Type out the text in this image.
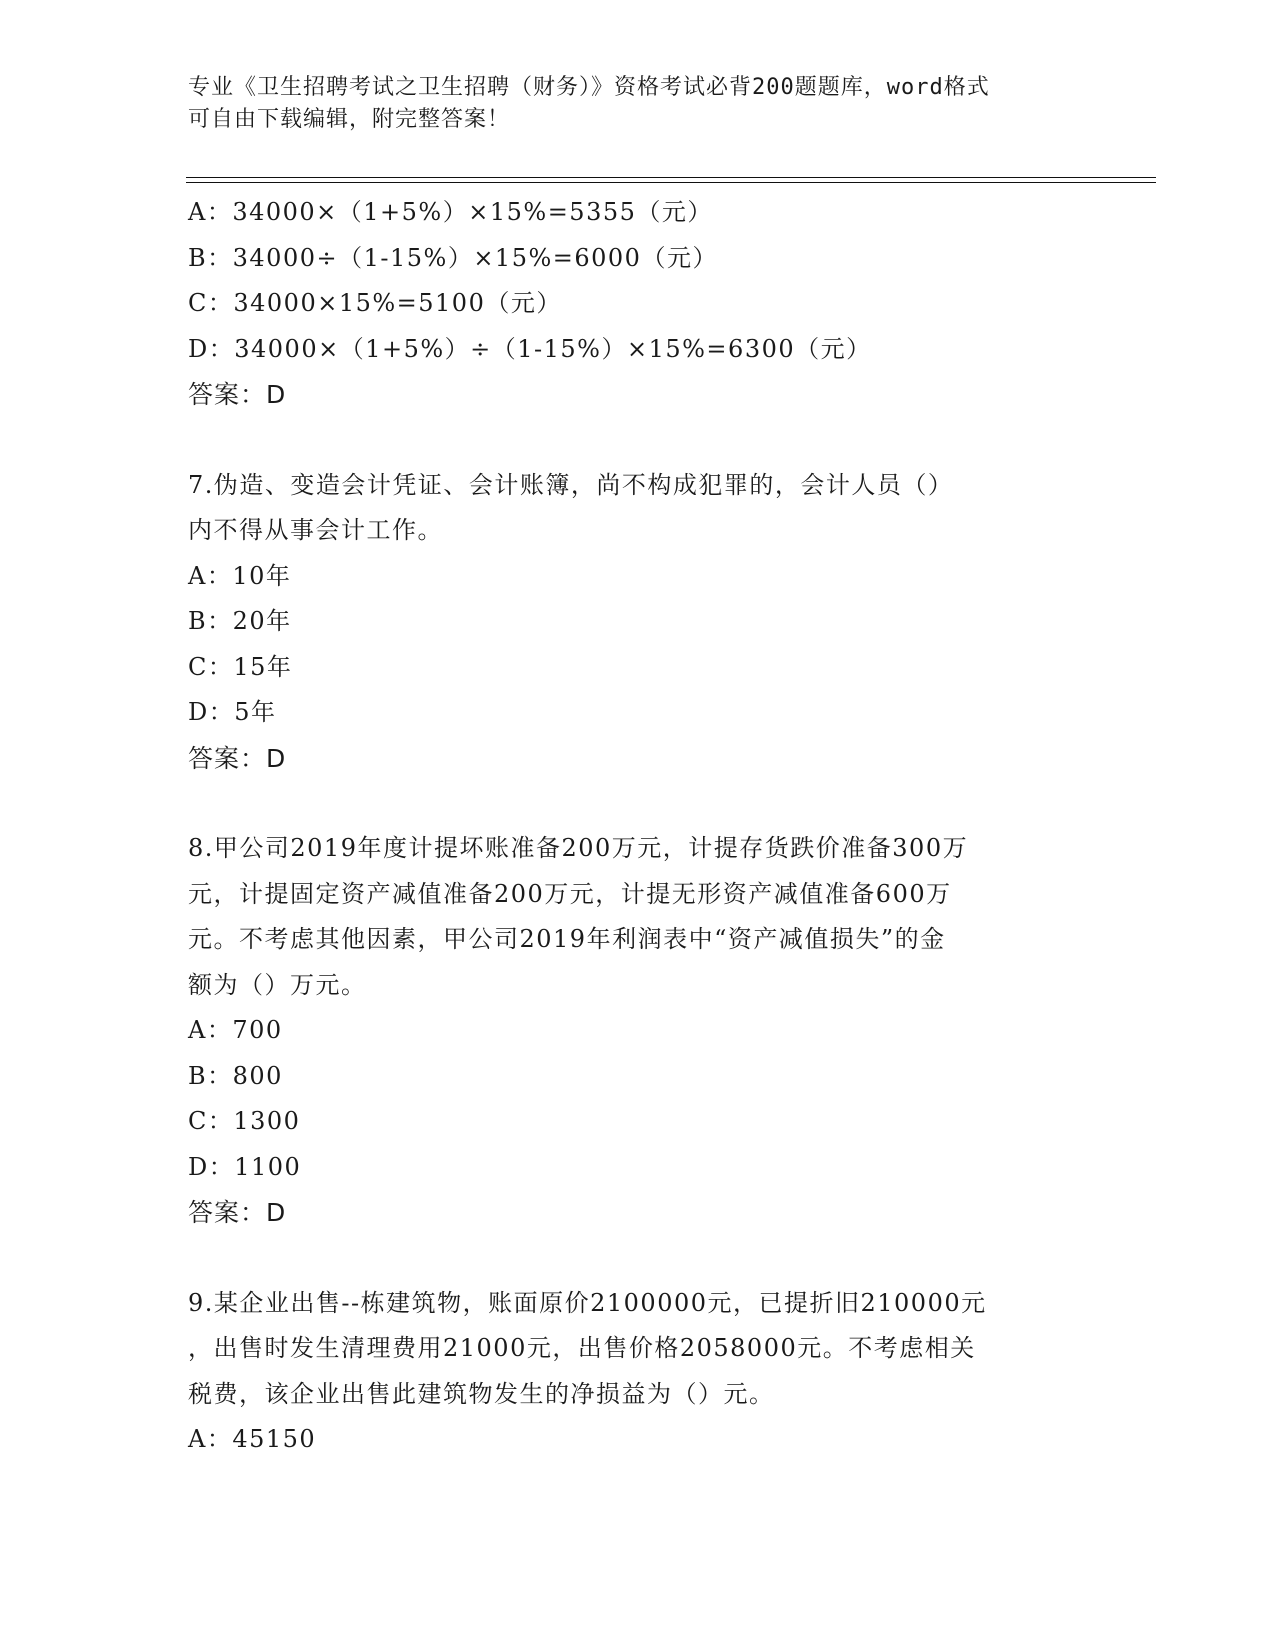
专业《卫生招聘考试之卫生招聘（财务）》资格考试必背200题题库，word格式
可自由下载编辑，附完整答案！
A：34000×（1+5%）×15%=5355（元）
B：34000÷（1-15%）×15%=6000（元）
C：34000×15%=5100（元）
D：34000×（1+5%）÷（1-15%）×15%=6300（元）
答案：D
7.伪造、变造会计凭证、会计账簿，尚不构成犯罪的，会计人员（）
内不得从事会计工作。
A：10年
B：20年
C：15年
D：5年
答案：D
8.甲公司2019年度计提坏账准备200万元，计提存货跌价准备300万
元，计提固定资产减值准备200万元，计提无形资产减值准备600万
元。不考虑其他因素，甲公司2019年利润表中“资产减值损失”的金
额为（）万元。
A：700
B：800
C：1300
D：1100
答案：D
9.某企业出售--栋建筑物，账面原价2100000元，已提折旧210000元
，出售时发生清理费用21000元，出售价格2058000元。不考虑相关
税费，该企业出售此建筑物发生的净损益为（）元。
A：45150
